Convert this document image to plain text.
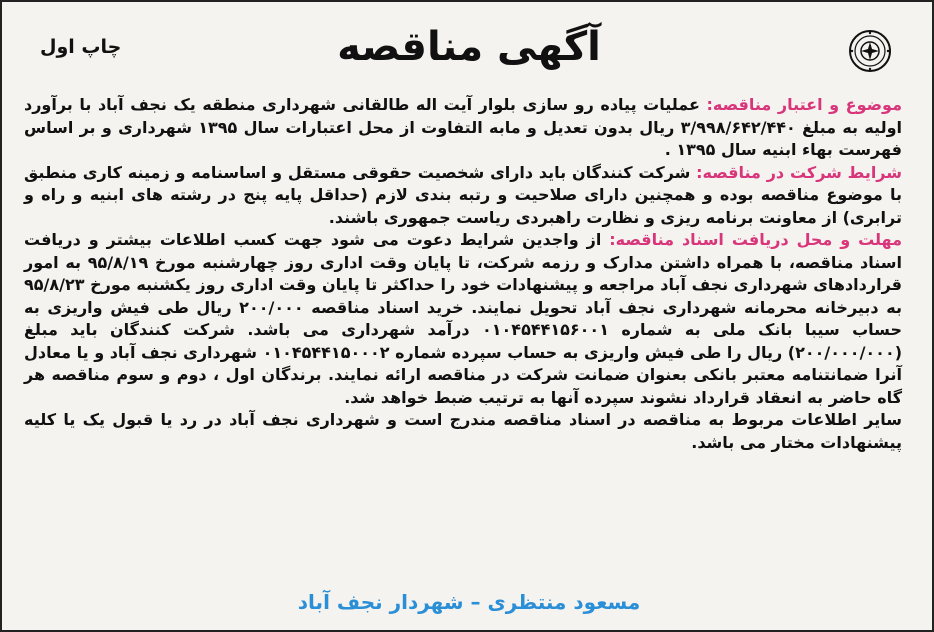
چاپ اول	آگهی مناقصه

موضوع و اعتبار مناقصه: عملیات پیاده رو سازی بلوار آیت اله طالقانی شهرداری منطقه یک نجف آباد با برآورد اولیه به مبلغ ۳/۹۹۸/۶۴۲/۴۴۰ ریال بدون تعدیل و مابه التفاوت از محل اعتبارات سال ۱۳۹۵ شهرداری و بر اساس فهرست بهاء ابنیه سال ۱۳۹۵ .

شرایط شرکت در مناقصه: شرکت کنندگان باید دارای شخصیت حقوقی مستقل و اساسنامه و زمینه کاری منطبق با موضوع مناقصه بوده و همچنین دارای صلاحیت و رتبه بندی لازم (حداقل پایه پنج در رشته های ابنیه و راه و ترابری) از معاونت برنامه ریزی و نظارت راهبردی ریاست جمهوری باشند.

مهلت و محل دریافت اسناد مناقصه: از واجدین شرایط دعوت می شود جهت کسب اطلاعات بیشتر و دریافت اسناد مناقصه، با همراه داشتن مدارک و رزمه شرکت، تا پایان وقت اداری روز چهارشنبه مورخ ۹۵/۸/۱۹ به امور قراردادهای شهرداری نجف آباد مراجعه و پیشنهادات خود را حداکثر تا پایان وقت اداری روز یکشنبه مورخ ۹۵/۸/۲۳ به دبیرخانه محرمانه شهرداری نجف آباد تحویل نمایند. خرید اسناد مناقصه ۲۰۰/۰۰۰ ریال طی فیش واریزی به حساب سیبا بانک ملی به شماره ۰۱۰۴۵۴۴۱۵۶۰۰۱ درآمد شهرداری می باشد. شرکت کنندگان باید مبلغ (۲۰۰/۰۰۰/۰۰۰) ریال را طی فیش واریزی به حساب سپرده شماره ۰۱۰۴۵۴۴۱۵۰۰۰۲ شهرداری نجف آباد و یا معادل آنرا ضمانتنامه معتبر بانکی بعنوان ضمانت شرکت در مناقصه ارائه نمایند. برندگان اول ، دوم و سوم مناقصه هر گاه حاضر به انعقاد قرارداد نشوند سپرده آنها به ترتیب ضبط خواهد شد.

سایر اطلاعات مربوط به مناقصه در اسناد مناقصه مندرج است و شهرداری نجف آباد در رد یا قبول یک یا کلیه پیشنهادات مختار می باشد.

مسعود منتظری – شهردار نجف آباد
